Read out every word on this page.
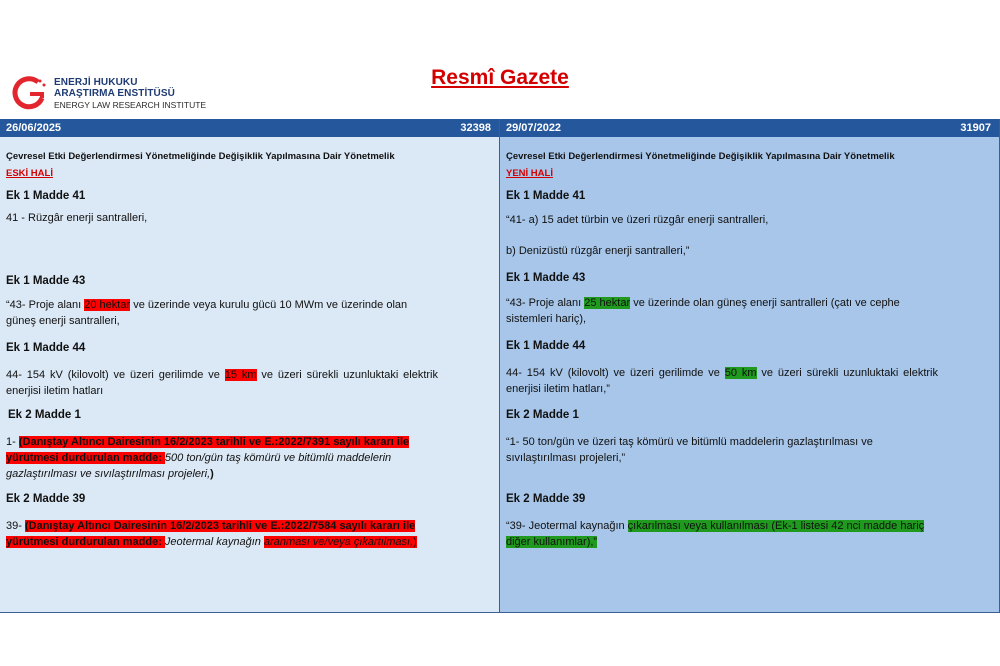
ENERJİ HUKUKU
ARAŞTIRMA ENSTİTÜSÜ
ENERGY LAW RESEARCH INSTITUTE
Resmî Gazete
26/06/2025	32398
Çevresel Etki Değerlendirmesi Yönetmeliğinde Değişiklik Yapılmasına Dair Yönetmelik
ESKİ HALİ
Ek 1 Madde 41
41 - Rüzgâr enerji santralleri,
Ek 1 Madde 43
“43- Proje alanı 20 hektar ve üzerinde veya kurulu gücü 10 MWm ve üzerinde olan güneş enerji santralleri,
Ek 1 Madde 44
44- 154 kV (kilovolt) ve üzeri gerilimde ve 15 km ve üzeri sürekli uzunluktaki elektrik enerjisi iletim hatları
Ek 2 Madde 1
1- (Danıştay Altıncı Dairesinin 16/2/2023 tarihli ve E.:2022/7391 sayılı kararı ile yürütmesi durdurulan madde: 500 ton/gün taş kömürü ve bitümlü maddelerin gazlaştırılması ve sıvılaştırılması projeleri,)
Ek 2 Madde 39
39- (Danıştay Altıncı Dairesinin 16/2/2023 tarihli ve E.:2022/7584 sayılı kararı ile yürütmesi durdurulan madde: Jeotermal kaynağın aranması ve/veya çıkartılması,)
29/07/2022	31907
Çevresel Etki Değerlendirmesi Yönetmeliğinde Değişiklik Yapılmasına Dair Yönetmelik
YENİ HALİ
Ek 1 Madde 41
“41- a) 15 adet türbin ve üzeri rüzgâr enerji santralleri,
b) Denizüstü rüzgâr enerji santralleri,”
Ek 1 Madde 43
“43- Proje alanı 25 hektar ve üzerinde olan güneş enerji santralleri (çatı ve cephe sistemleri hariç),
Ek 1 Madde 44
44- 154 kV (kilovolt) ve üzeri gerilimde ve 50 km ve üzeri sürekli uzunluktaki elektrik enerjisi iletim hatları,”
Ek 2 Madde 1
“1- 50 ton/gün ve üzeri taş kömürü ve bitümlü maddelerin gazlaştırılması ve sıvılaştırılması projeleri,”
Ek 2 Madde 39
“39- Jeotermal kaynağın çıkarılması veya kullanılması (Ek-1 listesi 42 nci madde hariç diğer kullanımlar),”
